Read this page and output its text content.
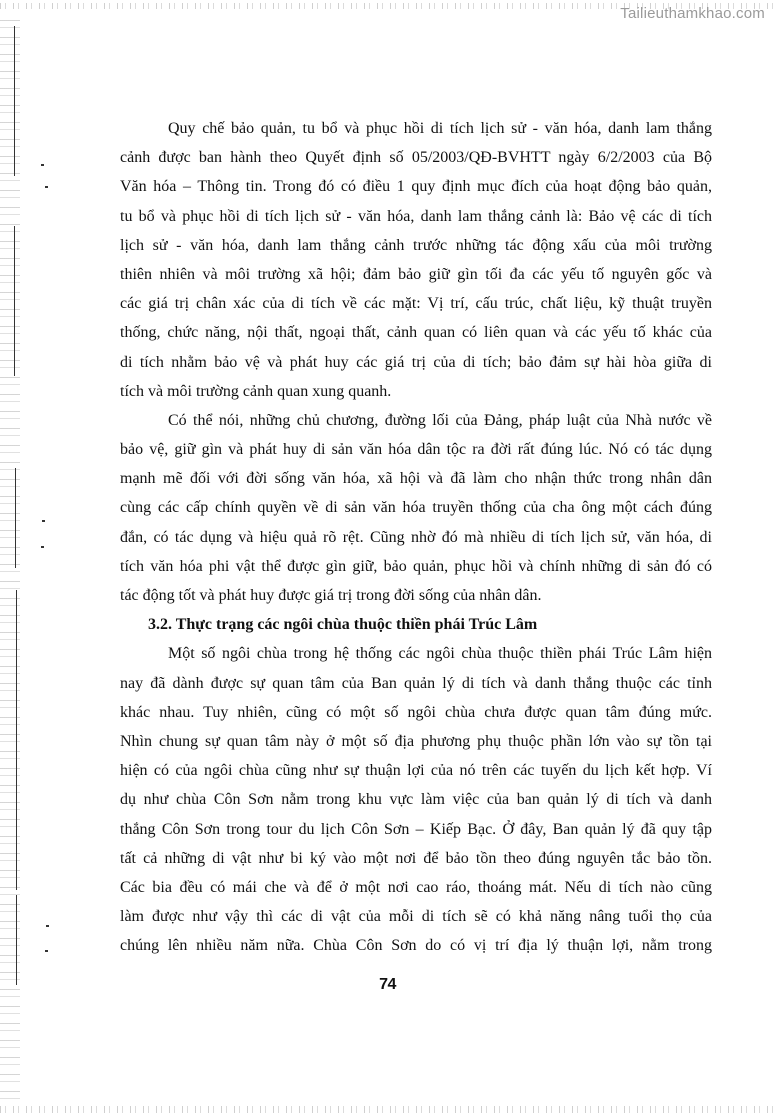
Tailieuthamkhao.com
Quy chế bảo quản, tu bổ và phục hồi di tích lịch sử - văn hóa, danh lam thắng
cảnh được ban hành theo Quyết định số 05/2003/QĐ-BVHTT ngày 6/2/2003 của Bộ
Văn hóa – Thông tin. Trong đó có điều 1 quy định mục đích của hoạt động bảo quản,
tu bổ và phục hồi di tích lịch sử - văn hóa, danh lam thắng cảnh là: Bảo vệ các di tích
lịch sử - văn hóa, danh lam thắng cảnh trước những tác động xấu của môi trường
thiên nhiên và môi trường xã hội; đảm bảo giữ gìn tối đa các yếu tố nguyên gốc và
các giá trị chân xác của di tích về các mặt: Vị trí, cấu trúc, chất liệu, kỹ thuật truyền
thống, chức năng, nội thất, ngoại thất, cảnh quan có liên quan và các yếu tố khác của
di tích nhằm bảo vệ và phát huy các giá trị của di tích; bảo đảm sự hài hòa giữa di
tích và môi trường cảnh quan xung quanh.
Có thể nói, những chủ chương, đường lối của Đảng, pháp luật của Nhà nước về
bảo vệ, giữ gìn và phát huy di sản văn hóa dân tộc ra đời rất đúng lúc. Nó có tác dụng
mạnh mẽ đối với đời sống văn hóa, xã hội và đã làm cho nhận thức trong nhân dân
cùng các cấp chính quyền về di sản văn hóa truyền thống của cha ông một cách đúng
đắn, có tác dụng và hiệu quả rõ rệt. Cũng nhờ đó mà nhiều di tích lịch sử, văn hóa, di
tích văn hóa phi vật thể được gìn giữ, bảo quản, phục hồi và chính những di sản đó có
tác động tốt và phát huy được giá trị trong đời sống của nhân dân.
3.2. Thực trạng các ngôi chùa thuộc thiền phái Trúc Lâm
Một số ngôi chùa trong hệ thống các ngôi chùa thuộc thiền phái Trúc Lâm hiện
nay đã dành được sự quan tâm của Ban quản lý di tích và danh thắng thuộc các tỉnh
khác nhau. Tuy nhiên, cũng có một số ngôi chùa chưa được quan tâm đúng mức.
Nhìn chung sự quan tâm này ở một số địa phương phụ thuộc phần lớn vào sự tồn tại
hiện có của ngôi chùa cũng như sự thuận lợi của nó trên các tuyến du lịch kết hợp. Ví
dụ như chùa Côn Sơn nằm trong khu vực làm việc của ban quản lý di tích và danh
thắng Côn Sơn trong tour du lịch Côn Sơn – Kiếp Bạc. Ở đây, Ban quản lý đã quy tập
tất cả những di vật như bi ký vào một nơi để bảo tồn theo đúng nguyên tắc bảo tồn.
Các bia đều có mái che và để ở một nơi cao ráo, thoáng mát. Nếu di tích nào cũng
làm được như vậy thì các di vật của mỗi di tích sẽ có khả năng nâng tuổi thọ của
chúng lên nhiều năm nữa. Chùa Côn Sơn do có vị trí địa lý thuận lợi, nằm trong
74
